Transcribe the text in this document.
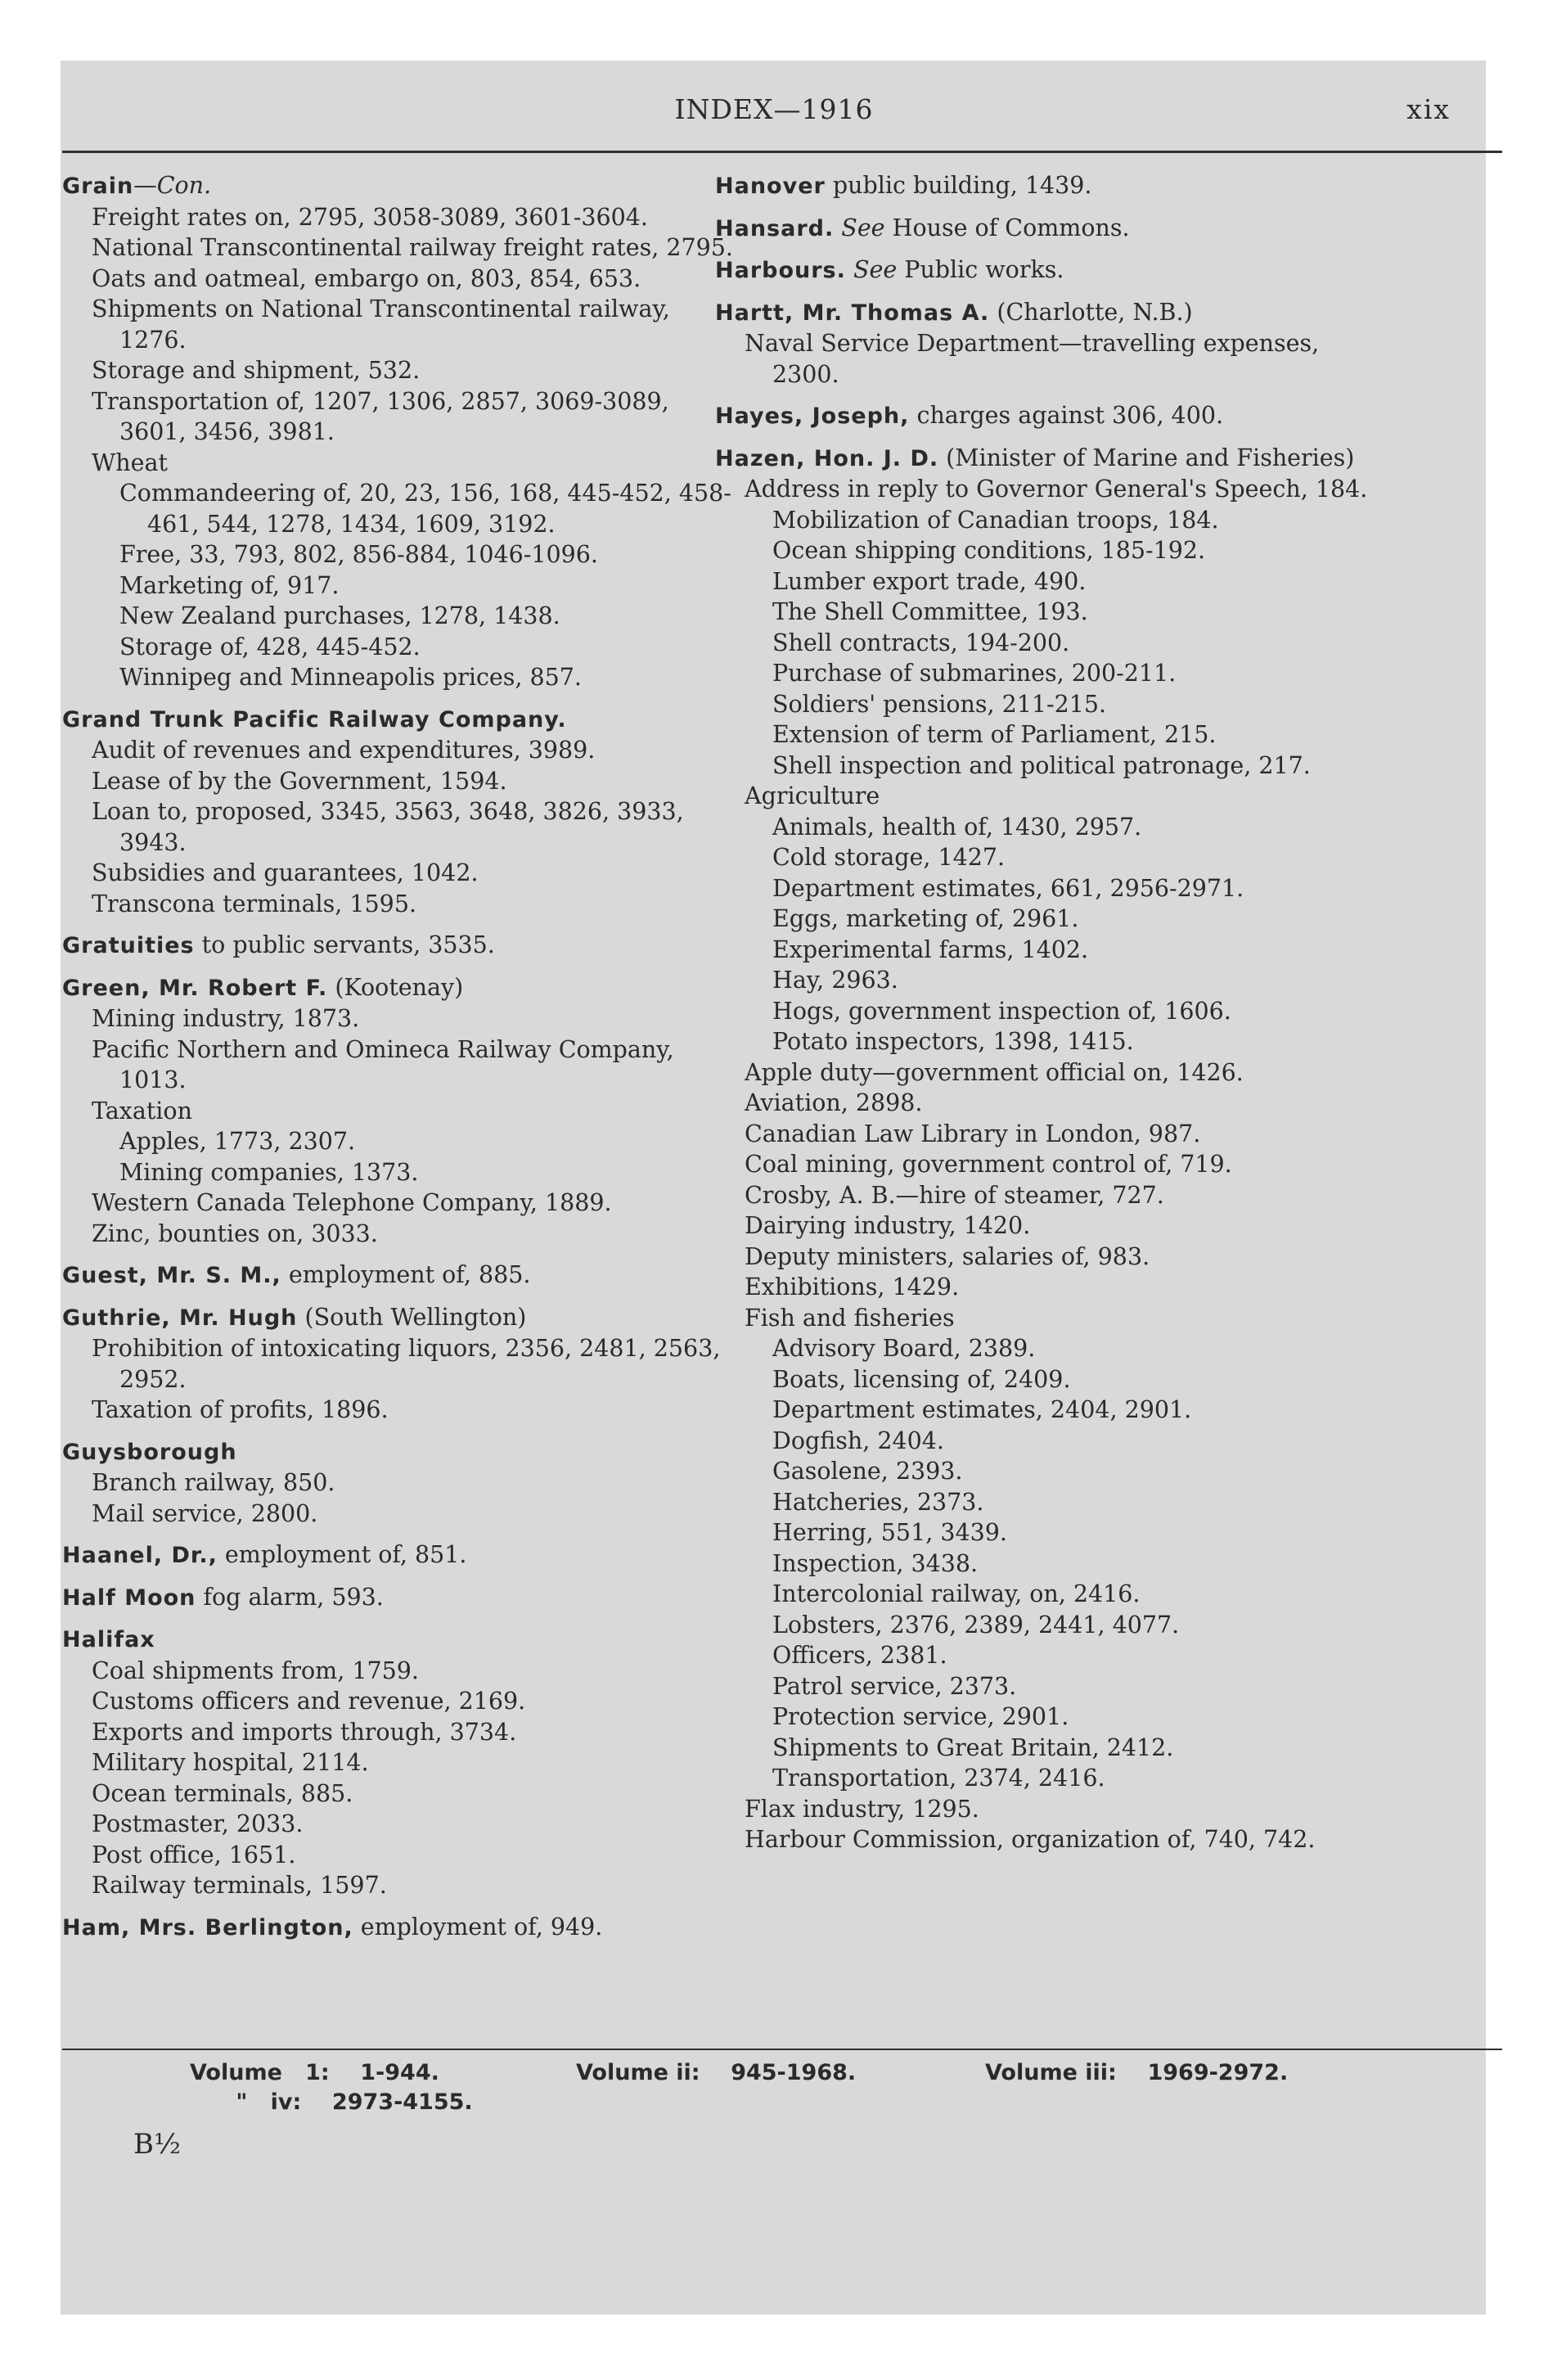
INDEX—1916	xix
Grain—Con.
Freight rates on, 2795, 3058-3089, 3601-3604.
National Transcontinental railway freight rates, 2795.
Oats and oatmeal, embargo on, 803, 854, 653.
Shipments on National Transcontinental railway, 1276.
Storage and shipment, 532.
Transportation of, 1207, 1306, 2857, 3069-3089, 3601, 3456, 3981.
Wheat
Commandeering of, 20, 23, 156, 168, 445-452, 458-461, 544, 1278, 1434, 1609, 3192.
Free, 33, 793, 802, 856-884, 1046-1096.
Marketing of, 917.
New Zealand purchases, 1278, 1438.
Storage of, 428, 445-452.
Winnipeg and Minneapolis prices, 857.
Grand Trunk Pacific Railway Company.
Audit of revenues and expenditures, 3989.
Lease of by the Government, 1594.
Loan to, proposed, 3345, 3563, 3648, 3826, 3933, 3943.
Subsidies and guarantees, 1042.
Transcona terminals, 1595.
Gratuities to public servants, 3535.
Green, Mr. Robert F. (Kootenay)
Mining industry, 1873.
Pacific Northern and Omineca Railway Company, 1013.
Taxation
Apples, 1773, 2307.
Mining companies, 1373.
Western Canada Telephone Company, 1889.
Zinc, bounties on, 3033.
Guest, Mr. S. M., employment of, 885.
Guthrie, Mr. Hugh (South Wellington)
Prohibition of intoxicating liquors, 2356, 2481, 2563, 2952.
Taxation of profits, 1896.
Guysborough
Branch railway, 850.
Mail service, 2800.
Haanel, Dr., employment of, 851.
Half Moon fog alarm, 593.
Halifax
Coal shipments from, 1759.
Customs officers and revenue, 2169.
Exports and imports through, 3734.
Military hospital, 2114.
Ocean terminals, 885.
Postmaster, 2033.
Post office, 1651.
Railway terminals, 1597.
Ham, Mrs. Berlington, employment of, 949.
Hanover public building, 1439.
Hansard. See House of Commons.
Harbours. See Public works.
Hartt, Mr. Thomas A. (Charlotte, N.B.)
Naval Service Department—travelling expenses, 2300.
Hayes, Joseph, charges against 306, 400.
Hazen, Hon. J. D. (Minister of Marine and Fisheries)
Address in reply to Governor General's Speech, 184.
Mobilization of Canadian troops, 184.
Ocean shipping conditions, 185-192.
Lumber export trade, 490.
The Shell Committee, 193.
Shell contracts, 194-200.
Purchase of submarines, 200-211.
Soldiers' pensions, 211-215.
Extension of term of Parliament, 215.
Shell inspection and political patronage, 217.
Agriculture
Animals, health of, 1430, 2957.
Cold storage, 1427.
Department estimates, 661, 2956-2971.
Eggs, marketing of, 2961.
Experimental farms, 1402.
Hay, 2963.
Hogs, government inspection of, 1606.
Potato inspectors, 1398, 1415.
Apple duty—government official on, 1426.
Aviation, 2898.
Canadian Law Library in London, 987.
Coal mining, government control of, 719.
Crosby, A. B.—hire of steamer, 727.
Dairying industry, 1420.
Deputy ministers, salaries of, 983.
Exhibitions, 1429.
Fish and fisheries
Advisory Board, 2389.
Boats, licensing of, 2409.
Department estimates, 2404, 2901.
Dogfish, 2404.
Gasolene, 2393.
Hatcheries, 2373.
Herring, 551, 3439.
Inspection, 3438.
Intercolonial railway, on, 2416.
Lobsters, 2376, 2389, 2441, 4077.
Officers, 2381.
Patrol service, 2373.
Protection service, 2901.
Shipments to Great Britain, 2412.
Transportation, 2374, 2416.
Flax industry, 1295.
Harbour Commission, organization of, 740, 742.
Volume   1:    1-944.	Volume ii:    945-1968.	Volume iii:    1969-2972.
"   iv:    2973-4155.
B½
